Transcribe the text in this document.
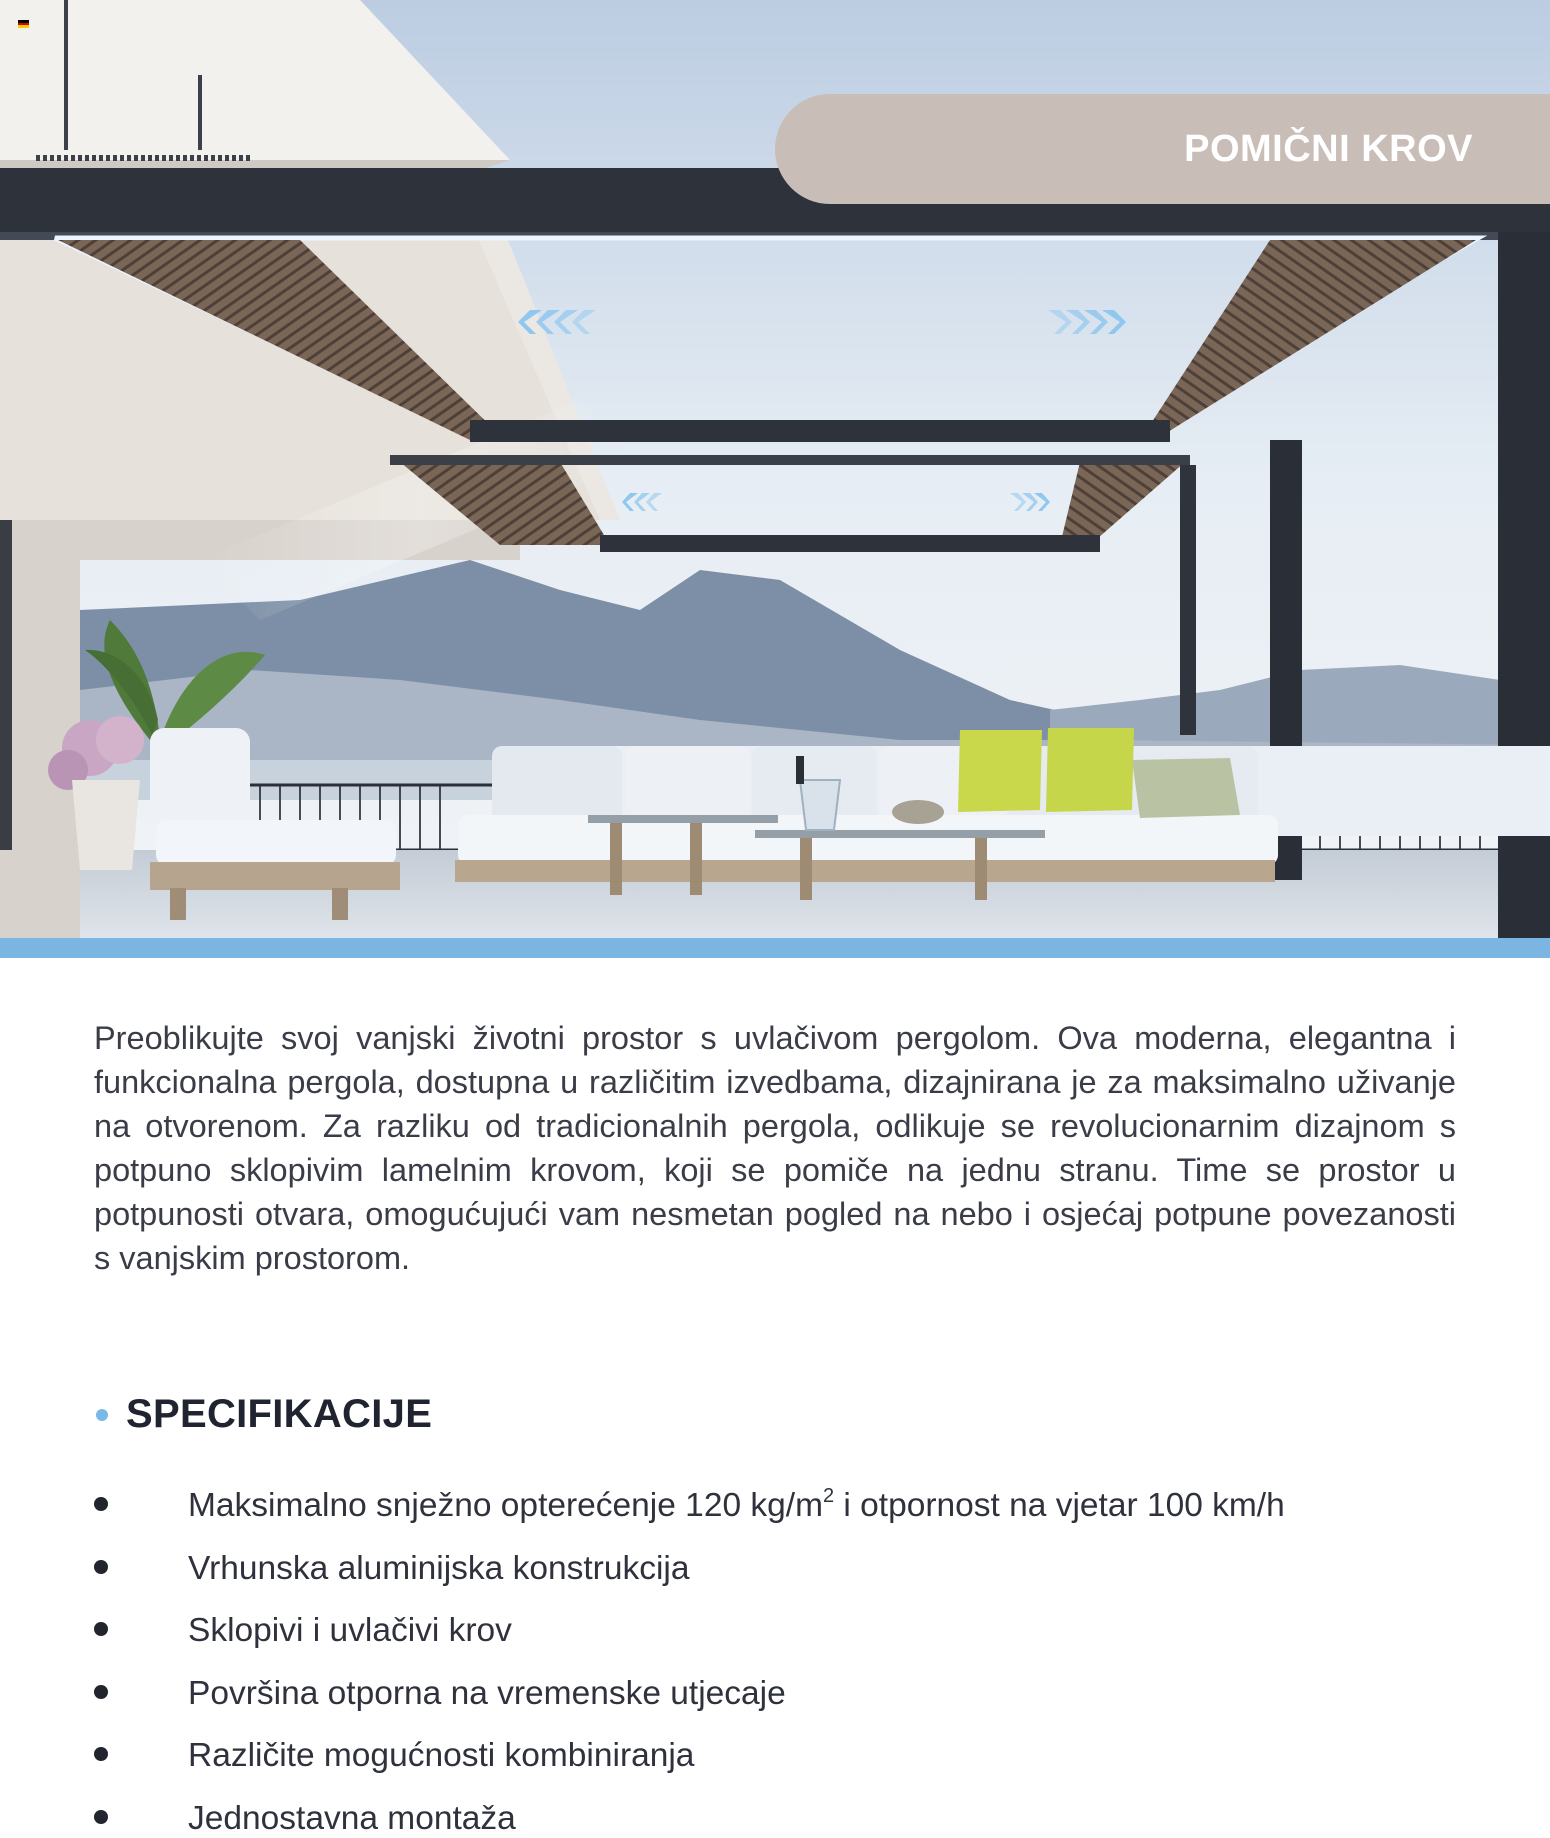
POMIČNI KROV

Preoblikujte svoj vanjski životni prostor s uvlačivom pergolom. Ova moderna, elegantna i funkcionalna pergola, dostupna u različitim izvedbama, dizajnirana je za maksimalno uživanje na otvorenom. Za razliku od tradicionalnih pergola, odlikuje se revolucionarnim dizajnom s potpuno sklopivim lamelnim krovom, koji se pomiče na jednu stranu. Time se prostor u potpunosti otvara, omogućujući vam nesmetan pogled na nebo i osjećaj potpune povezanosti s vanjskim prostorom.

SPECIFIKACIJE
Maksimalno snježno opterećenje 120 $kg/m^2$ i otpornost na vjetar 100 km/h
Vrhunska aluminijska konstrukcija
Sklopivi i uvlačivi krov
Površina otporna na vremenske utjecaje
Različite mogućnosti kombiniranja
Jednostavna montaža
